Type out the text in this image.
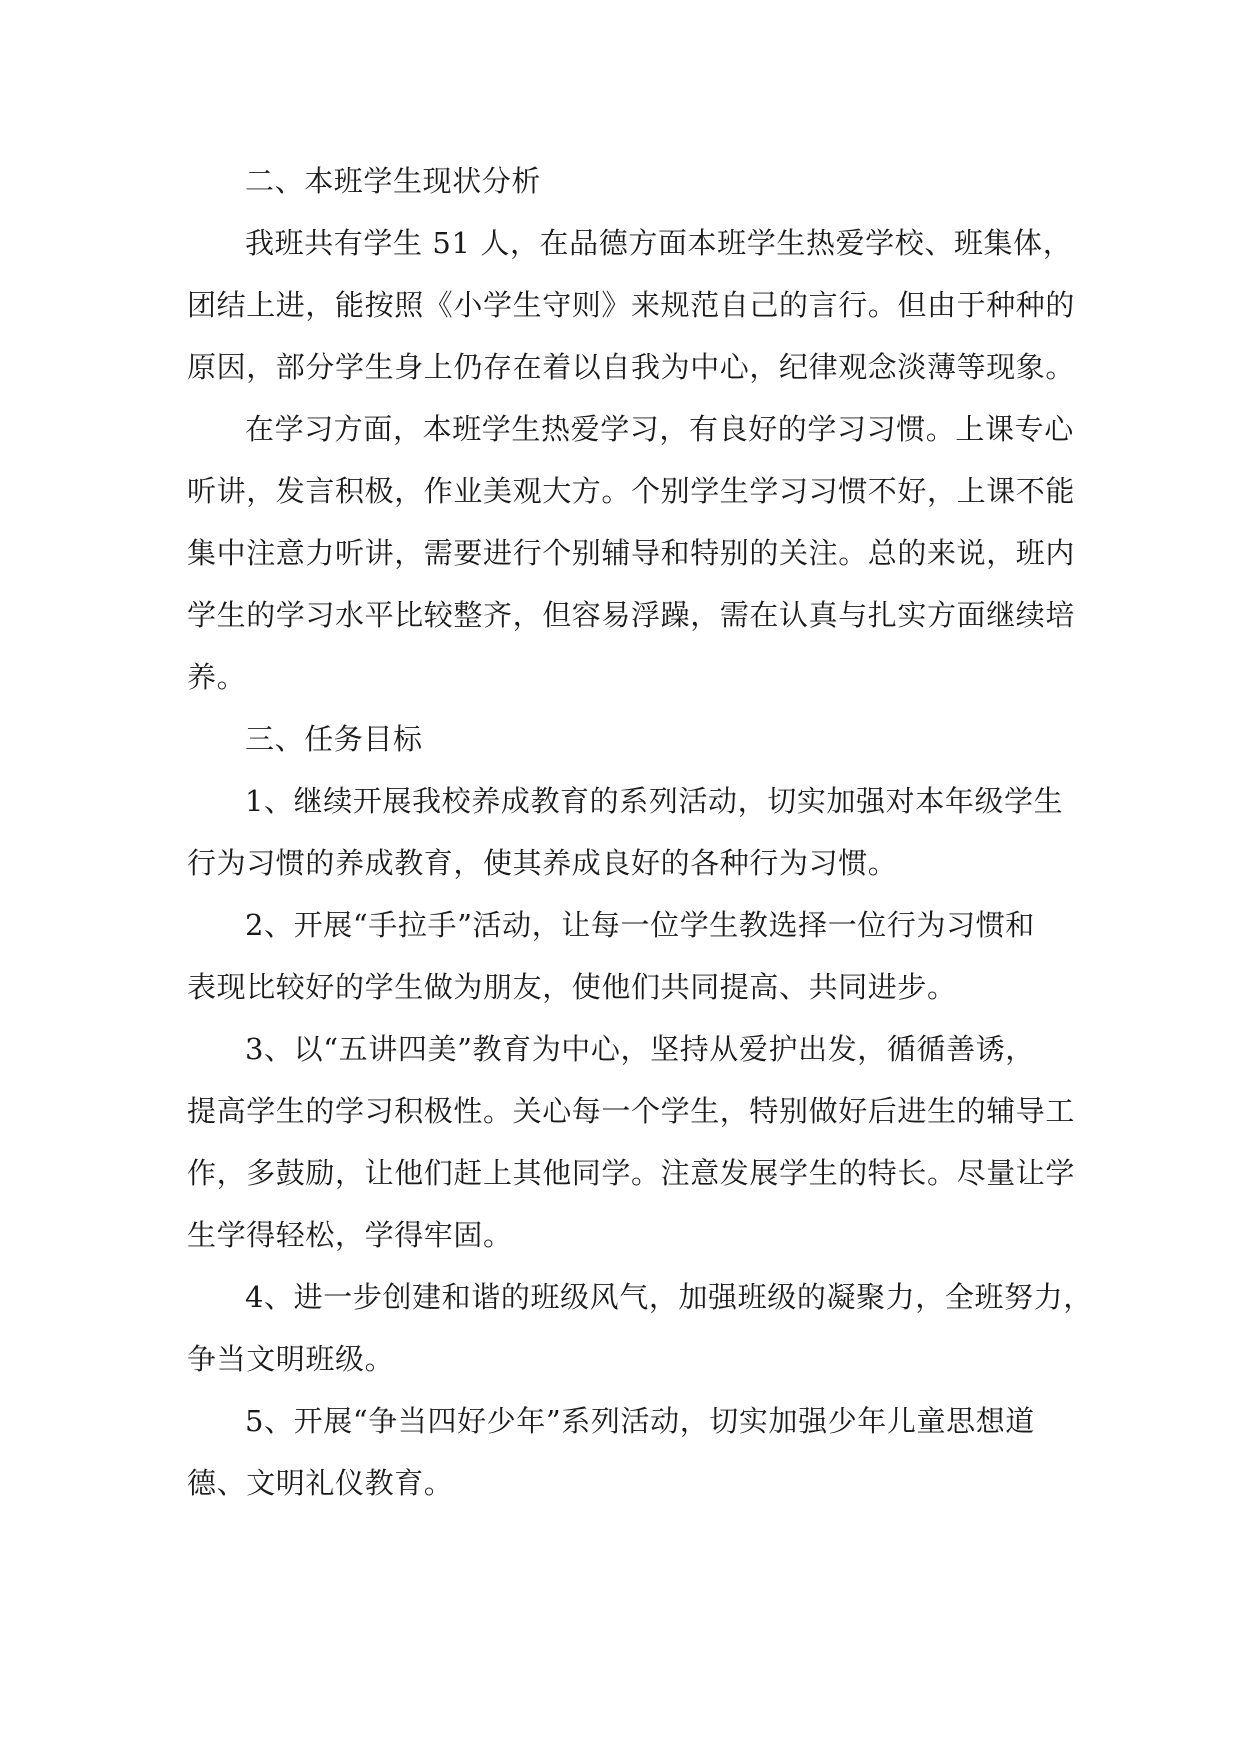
二、本班学生现状分析
我班共有学生 51 人，在品德方面本班学生热爱学校、班集体，
团结上进，能按照《小学生守则》来规范自己的言行。但由于种种的
原因，部分学生身上仍存在着以自我为中心，纪律观念淡薄等现象。
在学习方面，本班学生热爱学习，有良好的学习习惯。上课专心
听讲，发言积极，作业美观大方。个别学生学习习惯不好，上课不能
集中注意力听讲，需要进行个别辅导和特别的关注。总的来说，班内
学生的学习水平比较整齐，但容易浮躁，需在认真与扎实方面继续培
养。
三、任务目标
1、继续开展我校养成教育的系列活动，切实加强对本年级学生
行为习惯的养成教育，使其养成良好的各种行为习惯。
2、开展“手拉手”活动，让每一位学生教选择一位行为习惯和
表现比较好的学生做为朋友，使他们共同提高、共同进步。
3、以“五讲四美”教育为中心，坚持从爱护出发，循循善诱，
提高学生的学习积极性。关心每一个学生，特别做好后进生的辅导工
作，多鼓励，让他们赶上其他同学。注意发展学生的特长。尽量让学
生学得轻松，学得牢固。
4、进一步创建和谐的班级风气，加强班级的凝聚力，全班努力，
争当文明班级。
5、开展“争当四好少年”系列活动，切实加强少年儿童思想道
德、文明礼仪教育。
